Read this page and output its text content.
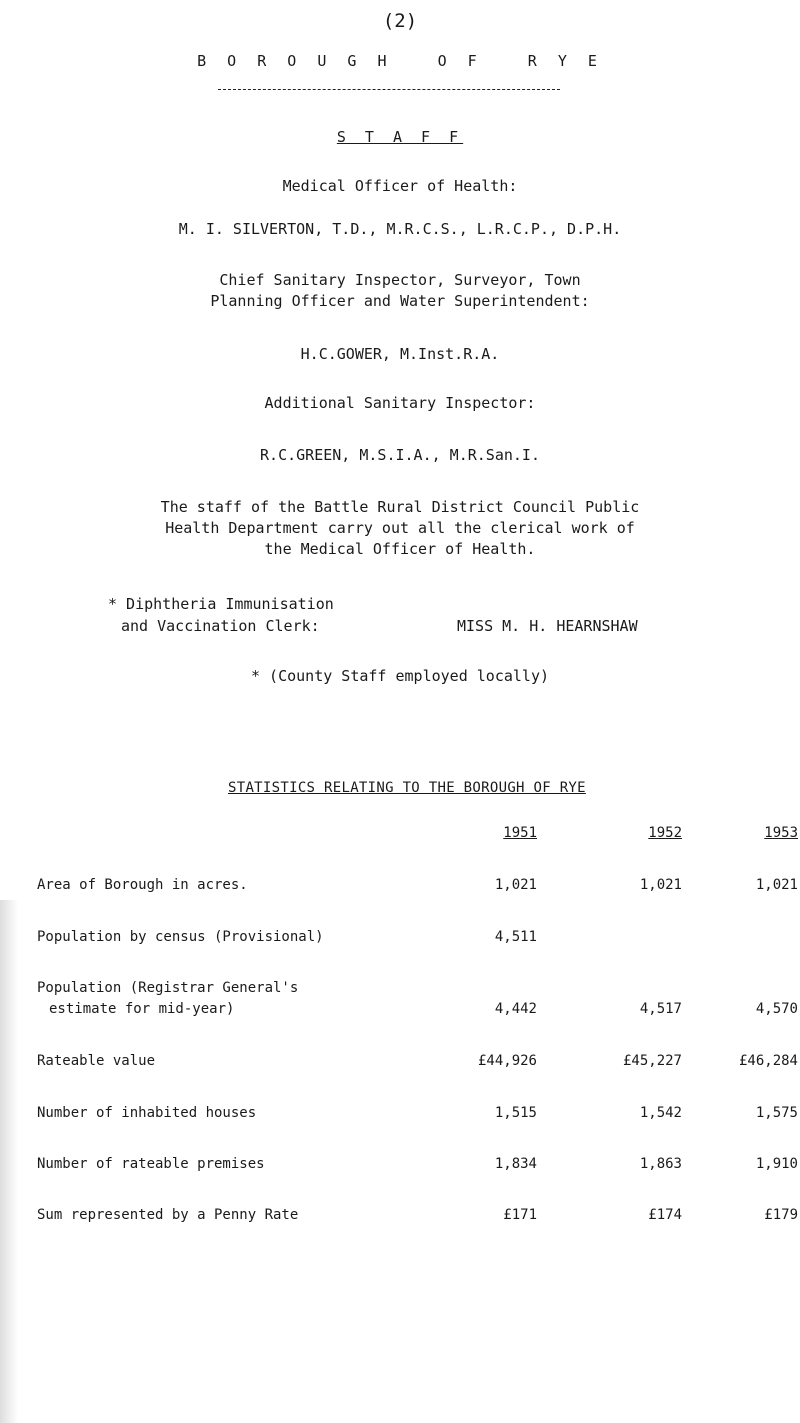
(2)
B O R O U G H   O F   R Y E
S T A F F
Medical Officer of Health:
M. I. SILVERTON, T.D., M.R.C.S., L.R.C.P., D.P.H.
Chief Sanitary Inspector, Surveyor, Town
Planning Officer and Water Superintendent:
H.C.GOWER, M.Inst.R.A.
Additional Sanitary Inspector:
R.C.GREEN, M.S.I.A., M.R.San.I.
The staff of the Battle Rural District Council Public
Health Department carry out all the clerical work of
the Medical Officer of Health.
* Diphtheria Immunisation
and Vaccination Clerk:	MISS M. H. HEARNSHAW
* (County Staff employed locally)
STATISTICS RELATING TO THE BOROUGH OF RYE
1951	1952	1953
Area of Borough in acres.	1,021	1,021	1,021
Population by census (Provisional)	4,511
Population (Registrar General's
estimate for mid-year)	4,442	4,517	4,570
Rateable value	£44,926	£45,227	£46,284
Number of inhabited houses	1,515	1,542	1,575
Number of rateable premises	1,834	1,863	1,910
Sum represented by a Penny Rate	£171	£174	£179
